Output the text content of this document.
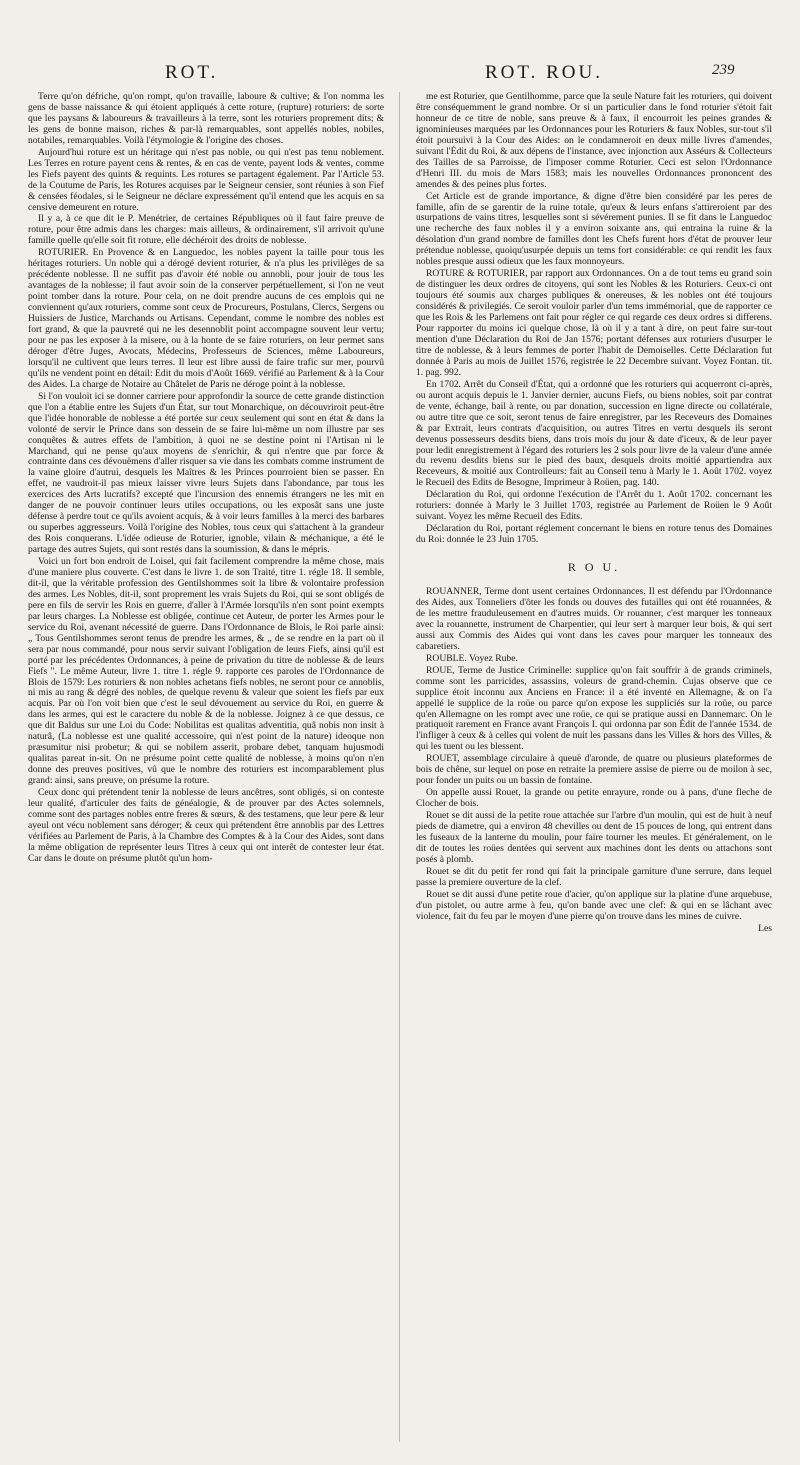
ROT.	ROT. ROU.	239

Terre qu'on défriche, qu'on rompt, qu'on travaille, laboure & cultive; & l'on nomma les gens de basse naissance & qui étoient appliqués à cette roture, (rupture) roturiers: de sorte que les paysans & laboureurs & travailleurs à la terre, sont les roturiers proprement dits; & les gens de bonne maison, riches & par-là remarquables, sont appellés nobles, nobiles, notabiles, remarquables. Voilà l'étymologie & l'origine des choses.

Aujourd'hui roture est un héritage qui n'est pas noble, ou qui n'est pas tenu noblement. Les Terres en roture payent cens & rentes, & en cas de vente, payent lods & ventes, comme les Fiefs payent des quints & requints. Les rotures se partagent également. Par l'Article 53. de la Coutume de Paris, les Rotures acquises par le Seigneur censier, sont réunies à son Fief & censées féodales, si le Seigneur ne déclare expressément qu'il entend que les acquis en sa censive demeurent en roture.

Il y a, à ce que dit le P. Menétrier, de certaines Républiques où il faut faire preuve de roture, pour être admis dans les charges: mais ailleurs, & ordinairement, s'il arrivoit qu'une famille quelle qu'elle soit fit roture, elle déchéroit des droits de noblesse.

ROTURIER. En Provence & en Languedoc, les nobles payent la taille pour tous les héritages roturiers. Un noble qui a dérogé devient roturier, & n'a plus les privilèges de sa précédente noblesse. Il ne suffit pas d'avoir été noble ou annobli, pour jouir de tous les avantages de la noblesse; il faut avoir soin de la conserver perpétuellement, si l'on ne veut point tomber dans la roture. Pour cela, on ne doit prendre aucuns de ces emplois qui ne conviennent qu'aux roturiers, comme sont ceux de Procureurs, Postulans, Clercs, Sergens ou Huissiers de Justice, Marchands ou Artisans. Cependant, comme le nombre des nobles est fort grand, & que la pauvreté qui ne les desennoblit point accompagne souvent leur vertu; pour ne pas les exposer à la misere, ou à la honte de se faire roturiers, on leur permet sans déroger d'être Juges, Avocats, Médecins, Professeurs de Sciences, même Laboureurs, lorsqu'il ne cultivent que leurs terres. Il leur est libre aussi de faire trafic sur mer, pourvû qu'ils ne vendent point en détail: Edit du mois d'Août 1669. vérifié au Parlement & à la Cour des Aides. La charge de Notaire au Châtelet de Paris ne déroge point à la noblesse.

Si l'on vouloit ici se donner carriere pour approfondir la source de cette grande distinction que l'on a établie entre les Sujets d'un État, sur tout Monarchique, on découvriroit peut-être que l'idée honorable de noblesse a été portée sur ceux seulement qui sont en état & dans la volonté de servir le Prince dans son dessein de se faire lui-même un nom illustre par ses conquêtes & autres effets de l'ambition, à quoi ne se destine point ni l'Artisan ni le Marchand, qui ne pense qu'aux moyens de s'enrichir, & qui n'entre que par force & contrainte dans ces dévouëmens d'aller risquer sa vie dans les combats comme instrument de la vaine gloire d'autrui, desquels les Maîtres & les Princes pourroient bien se passer. En effet, ne vaudroit-il pas mieux laisser vivre leurs Sujets dans l'abondance, par tous les exercices des Arts lucratifs? excepté que l'incursion des ennemis étrangers ne les mit en danger de ne pouvoir continuer leurs utiles occupations, ou les exposât sans une juste défense à perdre tout ce qu'ils avoient acquis, & à voir leurs familles à la merci des barbares ou superbes aggresseurs. Voilà l'origine des Nobles, tous ceux qui s'attachent à la grandeur des Rois conquerans. L'idée odieuse de Roturier, ignoble, vilain & méchanique, a été le partage des autres Sujets, qui sont restés dans la soumission, & dans le mépris.

Voici un fort bon endroit de Loisel, qui fait facilement comprendre la même chose, mais d'une maniere plus couverte. C'est dans le livre 1. de son Traité, titre 1. régle 18. Il semble, dit-il, que la véritable profession des Gentilshommes soit la libre & volontaire profession des armes. Les Nobles, dit-il, sont proprement les vrais Sujets du Roi, qui se sont obligés de pere en fils de servir les Rois en guerre, d'aller à l'Armée lorsqu'ils n'en sont point exempts par leurs charges. La Noblesse est obligée, continue cet Auteur, de porter les Armes pour le service du Roi, avenant nécessité de guerre. Dans l'Ordonnance de Blois, le Roi parle ainsi: „ Tous Gentilshommes seront tenus de prendre les armes, & „ de se rendre en la part où il sera par nous commandé, pour nous servir suivant l'obligation de leurs Fiefs, ainsi qu'il est porté par les précédentes Ordonnances, à peine de privation du titre de noblesse & de leurs Fiefs ". Le même Auteur, livre 1. titre 1. régle 9. rapporte ces paroles de l'Ordonnance de Blois de 1579: Les roturiers & non nobles achetans fiefs nobles, ne seront pour ce annoblis, ni mis au rang & dégré des nobles, de quelque revenu & valeur que soient les fiefs par eux acquis. Par où l'on voit bien que c'est le seul dévouement au service du Roi, en guerre & dans les armes, qui est le caractere du noble & de la noblesse. Joignez à ce que dessus, ce que dit Baldus sur une Loi du Code: Nobilitas est qualitas adventitia, quâ nobis non insit à naturâ, (La noblesse est une qualité accessoire, qui n'est point de la nature) ideoque non præsumitur nisi probetur; & qui se nobilem asserit, probare debet, tanquam hujusmodi qualitas pareat in-sit. On ne présume point cette qualité de noblesse, à moins qu'on n'en donne des preuves positives, vû que le nombre des roturiers est incomparablement plus grand: ainsi, sans preuve, on présume la roture.

Ceux donc qui prétendent tenir la noblesse de leurs ancêtres, sont obligés, si on conteste leur qualité, d'articuler des faits de généalogie, & de prouver par des Actes solemnels, comme sont des partages nobles entre freres & sœurs, & des testamens, que leur pere & leur ayeul ont vécu noblement sans déroger; & ceux qui prétendent être annoblis par des Lettres vérifiées au Parlement de Paris, à la Chambre des Comptes & à la Cour des Aides, sont dans la même obligation de représenter leurs Titres à ceux qui ont interêt de contester leur état. Car dans le doute on présume plutôt qu'un hom-

me est Roturier, que Gentilhomme, parce que la seule Nature fait les roturiers, qui doivent être conséquemment le grand nombre. Or si un particulier dans le fond roturier s'étoit fait honneur de ce titre de noble, sans preuve & à faux, il encourroit les peines grandes & ignominieuses marquées par les Ordonnances pour les Roturiers & faux Nobles, sur-tout s'il étoit poursuivi à la Cour des Aides: on le condamneroit en deux mille livres d'amendes, suivant l'Édit du Roi, & aux dépens de l'instance, avec injonction aux Asséurs & Collecteurs des Tailles de sa Parroisse, de l'imposer comme Roturier. Ceci est selon l'Ordonnance d'Henri III. du mois de Mars 1583; mais les nouvelles Ordonnances prononcent des amendes & des peines plus fortes.

Cet Article est de grande importance, & digne d'être bien considéré par les peres de famille, afin de se garentir de la ruine totale, qu'eux & leurs enfans s'attireroient par des usurpations de vains titres, lesquelles sont si sévérement punies. Il se fit dans le Languedoc une recherche des faux nobles il y a environ soixante ans, qui entraina la ruine & la désolation d'un grand nombre de familles dont les Chefs furent hors d'état de prouver leur prétendue noblesse, quoiqu'usurpée depuis un tems fort considérable: ce qui rendit les faux nobles presque aussi odieux que les faux monnoyeurs.

ROTURE & ROTURIER, par rapport aux Ordonnances. On a de tout tems eu grand soin de distinguer les deux ordres de citoyens, qui sont les Nobles & les Roturiers. Ceux-ci ont toujours été soumis aux charges publiques & onereuses, & les nobles ont été toujours considérés & privilegiés. Ce seroit vouloir parler d'un tems immémorial, que de rapporter ce que les Rois & les Parlemens ont fait pour régler ce qui regarde ces deux ordres si differens. Pour rapporter du moins ici quelque chose, là où il y a tant à dire, on peut faire sur-tout mention d'une Déclaration du Roi de Jan 1576; portant défenses aux roturiers d'usurper le titre de noblesse, & à leurs femmes de porter l'habit de Demoiselles. Cette Déclaration fut donnée à Paris au mois de Juillet 1576, registrée le 22 Decembre suivant. Voyez Fontan. tit. 1. pag. 992.

En 1702. Arrêt du Conseil d'État, qui a ordonné que les roturiers qui acquerront ci-après, ou auront acquis depuis le 1. Janvier dernier, aucuns Fiefs, ou biens nobles, soit par contrat de vente, échange, bail à rente, ou par donation, succession en ligne directe ou collatérale, ou autre titre que ce soit, seront tenus de faire enregistrer, par les Receveurs des Domaines & par Extrait, leurs contrats d'acquisition, ou autres Titres en vertu desquels ils seront devenus possesseurs desdits biens, dans trois mois du jour & date d'iceux, & de leur payer pour ledit enregistrement à l'égard des roturiers les 2 sols pour livre de la valeur d'une année du revenu desdits biens sur le pied des baux, desquels droits moitié appartiendra aux Receveurs, & moitié aux Controlleurs: fait au Conseil tenu à Marly le 1. Août 1702. voyez le Recueil des Edits de Besogne, Imprimeur à Roüen, pag. 140.

Déclaration du Roi, qui ordonne l'exécution de l'Arrêt du 1. Août 1702. concernant les roturiers: donnée à Marly le 3 Juillet 1703, registrée au Parlement de Roüen le 9 Août suivant. Voyez les même Recueil des Edits.

Déclaration du Roi, portant réglement concernant le biens en roture tenus des Domaines du Roi: donnée le 23 Juin 1705.

R O U.

ROUANNER, Terme dont usent certaines Ordonnances. Il est défendu par l'Ordonnance des Aides, aux Tonneliers d'ôter les fonds ou douves des futailles qui ont été rouannées, & de les mettre frauduleusement en d'autres muids. Or rouanner, c'est marquer les tonneaux avec la rouannette, instrument de Charpentier, qui leur sert à marquer leur bois, & qui sert aussi aux Commis des Aides qui vont dans les caves pour marquer les tonneaux des cabaretiers.

ROUBLE. Voyez Rube.

ROUE, Terme de Justice Criminelle: supplice qu'on fait souffrir à de grands criminels, comme sont les parricides, assassins, voleurs de grand-chemin. Cujas observe que ce supplice étoit inconnu aux Anciens en France: il a été inventé en Allemagne, & on l'a appellé le supplice de la roüe ou parce qu'on expose les suppliciés sur la roüe, ou parce qu'en Allemagne on les rompt avec une roüe, ce qui se pratique aussi en Dannemarc. On le pratiquoit rarement en France avant François I. qui ordonna par son Édit de l'année 1534. de l'infliger à ceux & à celles qui volent de nuit les passans dans les Villes & hors des Villes, & qui les tuent ou les blessent.

ROUET, assemblage circulaire à queuë d'aronde, de quatre ou plusieurs plateformes de bois de chêne, sur lequel on pose en retraite la premiere assise de pierre ou de moilon à sec, pour fonder un puits ou un bassin de fontaine.

On appelle aussi Rouet, la grande ou petite enrayure, ronde ou à pans, d'une fleche de Clocher de bois.

Rouet se dit aussi de la petite roue attachée sur l'arbre d'un moulin, qui est de huit à neuf pieds de diametre, qui a environ 48 chevilles ou dent de 15 pouces de long, qui entrent dans les fuseaux de la lanterne du moulin, pour faire tourner les meules. Et généralement, on le dit de toutes les roües dentées qui servent aux machines dont les dents ou attachons sont posés à plomb.

Rouet se dit du petit fer rond qui fait la principale garniture d'une serrure, dans lequel passe la premiere ouverture de la clef.

Rouet se dit aussi d'une petite roue d'acier, qu'on applique sur la platine d'une arquebuse, d'un pistolet, ou autre arme à feu, qu'on bande avec une clef: & qui en se lâchant avec violence, fait du feu par le moyen d'une pierre qu'on trouve dans les mines de cuivre.

Les
